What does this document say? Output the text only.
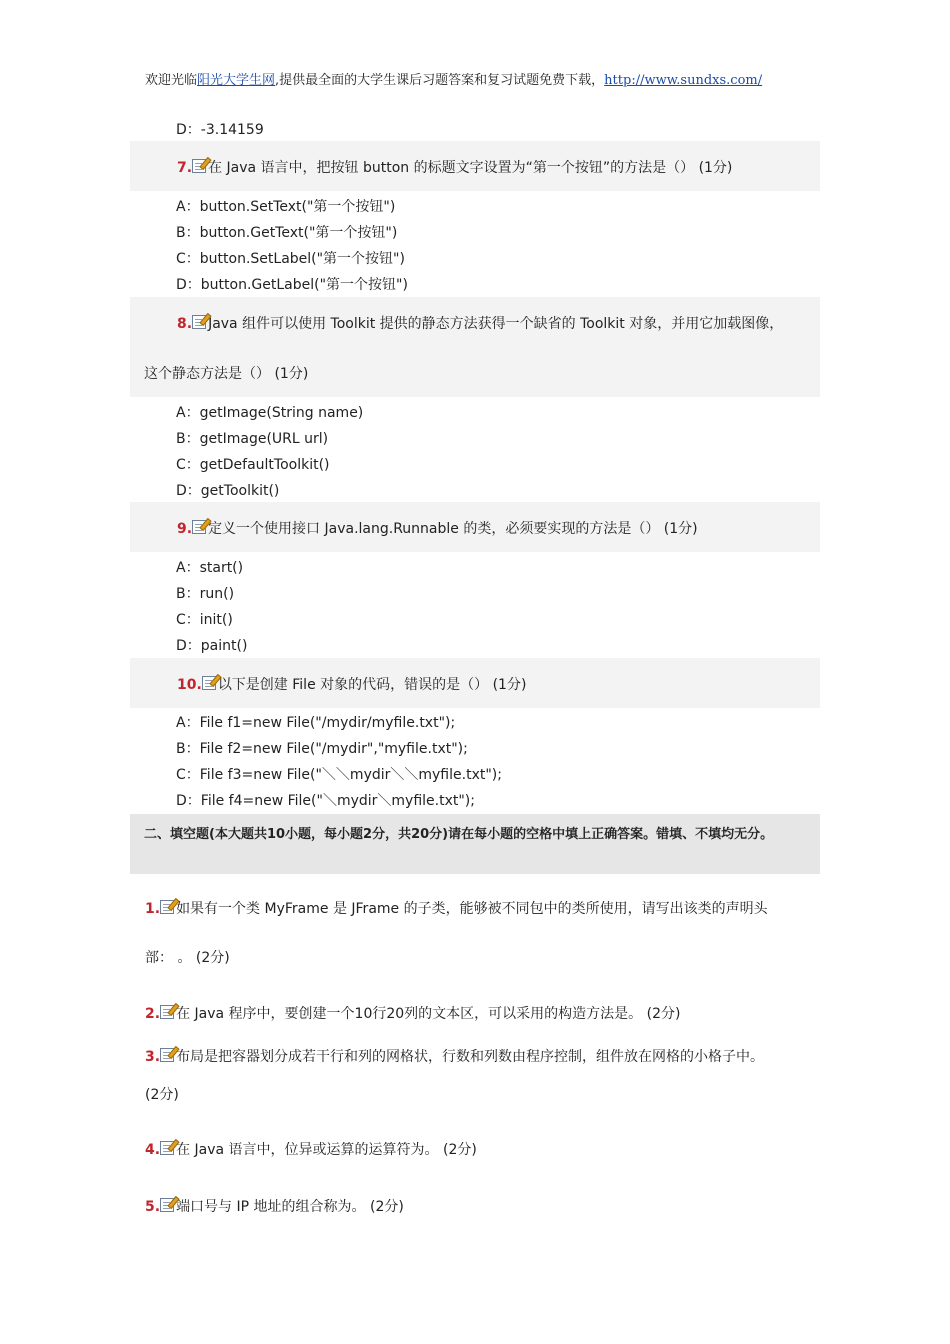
欢迎光临阳光大学生网,提供最全面的大学生课后习题答案和复习试题免费下载，http://www.sundxs.com/
D：-3.14159
7. 在 Java 语言中，把按钮 button 的标题文字设置为“第一个按钮”的方法是（） (1分)
A：button.SetText("第一个按钮")
B：button.GetText("第一个按钮")
C：button.SetLabel("第一个按钮")
D：button.GetLabel("第一个按钮")
8. Java 组件可以使用 Toolkit 提供的静态方法获得一个缺省的 Toolkit 对象，并用它加载图像，
这个静态方法是（） (1分)
A：getImage(String name)
B：getImage(URL url)
C：getDefaultToolkit()
D：getToolkit()
9. 定义一个使用接口 Java.lang.Runnable 的类，必须要实现的方法是（） (1分)
A：start()
B：run()
C：init()
D：paint()
10. 以下是创建 File 对象的代码，错误的是（） (1分)
A：File f1=new File("/mydir/myfile.txt");
B：File f2=new File("/mydir","myfile.txt");
C：File f3=new File("＼＼mydir＼＼myfile.txt");
D：File f4=new File("＼mydir＼myfile.txt");
二、填空题(本大题共10小题，每小题2分，共20分)请在每小题的空格中填上正确答案。错填、不填均无分。
1. 如果有一个类 MyFrame 是 JFrame 的子类，能够被不同包中的类所使用，请写出该类的声明头
部： 。 (2分)
2. 在 Java 程序中，要创建一个10行20列的文本区，可以采用的构造方法是。 (2分)
3. 布局是把容器划分成若干行和列的网格状，行数和列数由程序控制，组件放在网格的小格子中。
(2分)
4. 在 Java 语言中，位异或运算的运算符为。 (2分)
5. 端口号与 IP 地址的组合称为。 (2分)
